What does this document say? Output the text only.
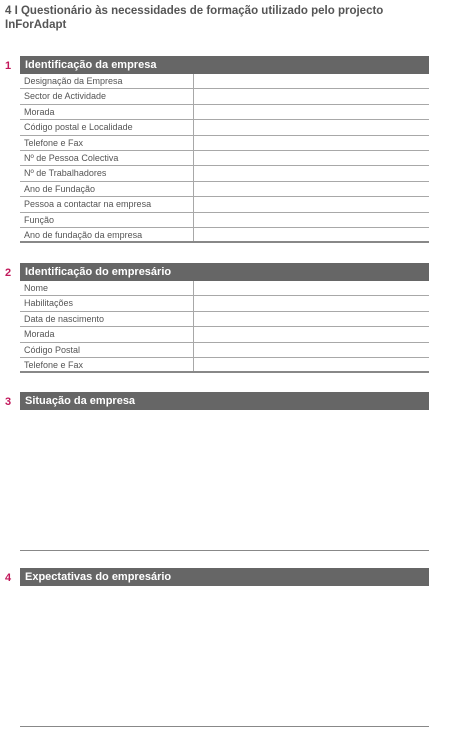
4 I Questionário às necessidades de formação utilizado pelo projecto InForAdapt
1	Identificação da empresa
Designação da Empresa
Sector de Actividade
Morada
Código postal e Localidade
Telefone e Fax
Nº de Pessoa Colectiva
Nº de Trabalhadores
Ano de Fundação
Pessoa a contactar na empresa
Função
Ano de fundação da empresa
2	Identificação do empresário
Nome
Habilitações
Data de nascimento
Morada
Código Postal
Telefone e Fax
3	Situação da empresa
4	Expectativas do empresário
